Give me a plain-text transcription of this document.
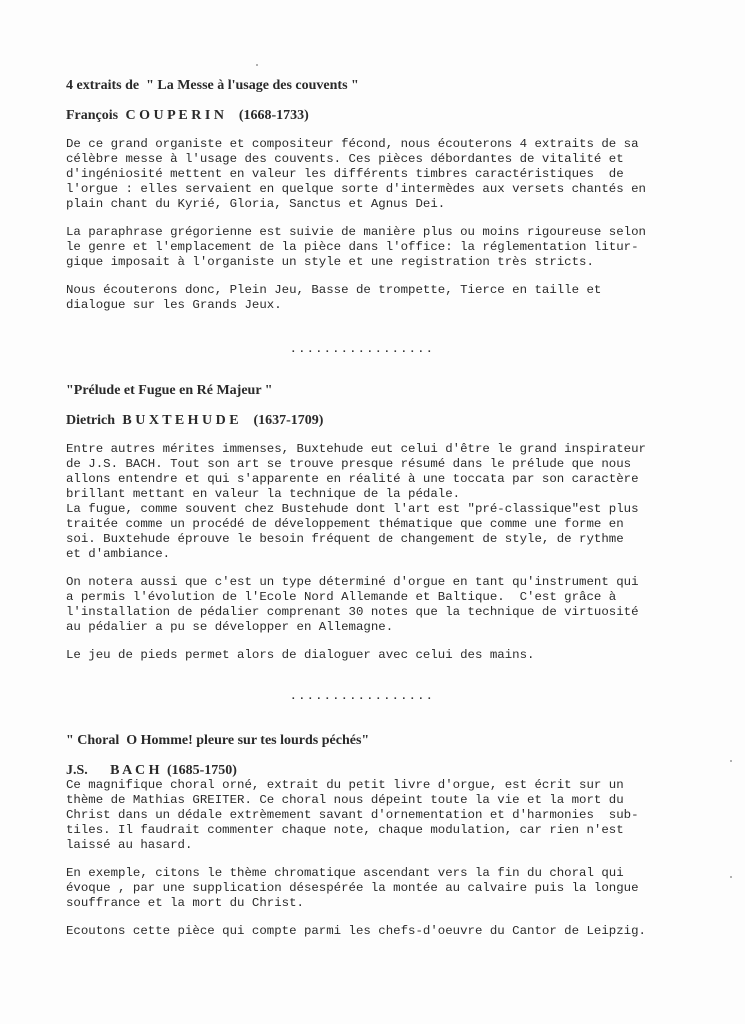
4 extraits de  " La Messe à l'usage des couvents "
François C O U P E R I N (1668-1733)
De ce grand organiste et compositeur fécond, nous écouterons 4 extraits de sa
célèbre messe à l'usage des couvents. Ces pièces débordantes de vitalité et
d'ingéniosité mettent en valeur les différents timbres caractéristiques  de
l'orgue : elles servaient en quelque sorte d'intermèdes aux versets chantés en
plain chant du Kyrié, Gloria, Sanctus et Agnus Dei.
La paraphrase grégorienne est suivie de manière plus ou moins rigoureuse selon
le genre et l'emplacement de la pièce dans l'office: la réglementation litur-
gique imposait à l'organiste un style et une registration très stricts.
Nous écouterons donc, Plein Jeu, Basse de trompette, Tierce en taille et
dialogue sur les Grands Jeux.
.................
"Prélude et Fugue en Ré Majeur "
Dietrich B U X T E H U D E (1637-1709)
Entre autres mérites immenses, Buxtehude eut celui d'être le grand inspirateur
de J.S. BACH. Tout son art se trouve presque résumé dans le prélude que nous
allons entendre et qui s'apparente en réalité à une toccata par son caractère
brillant mettant en valeur la technique de la pédale.
La fugue, comme souvent chez Bustehude dont l'art est "pré-classique"est plus
traitée comme un procédé de développement thématique que comme une forme en
soi. Buxtehude éprouve le besoin fréquent de changement de style, de rythme
et d'ambiance.
On notera aussi que c'est un type déterminé d'orgue en tant qu'instrument qui
a permis l'évolution de l'Ecole Nord Allemande et Baltique.  C'est grâce à
l'installation de pédalier comprenant 30 notes que la technique de virtuosité
au pédalier a pu se développer en Allemagne.
Le jeu de pieds permet alors de dialoguer avec celui des mains.
.................
" Choral  O Homme! pleure sur tes lourds péchés"
J.S. B A C H (1685-1750)
Ce magnifique choral orné, extrait du petit livre d'orgue, est écrit sur un
thème de Mathias GREITER. Ce choral nous dépeint toute la vie et la mort du
Christ dans un dédale extrèmement savant d'ornementation et d'harmonies  sub-
tiles. Il faudrait commenter chaque note, chaque modulation, car rien n'est
laissé au hasard.
En exemple, citons le thème chromatique ascendant vers la fin du choral qui
évoque , par une supplication désespérée la montée au calvaire puis la longue
souffrance et la mort du Christ.
Ecoutons cette pièce qui compte parmi les chefs-d'oeuvre du Cantor de Leipzig.
